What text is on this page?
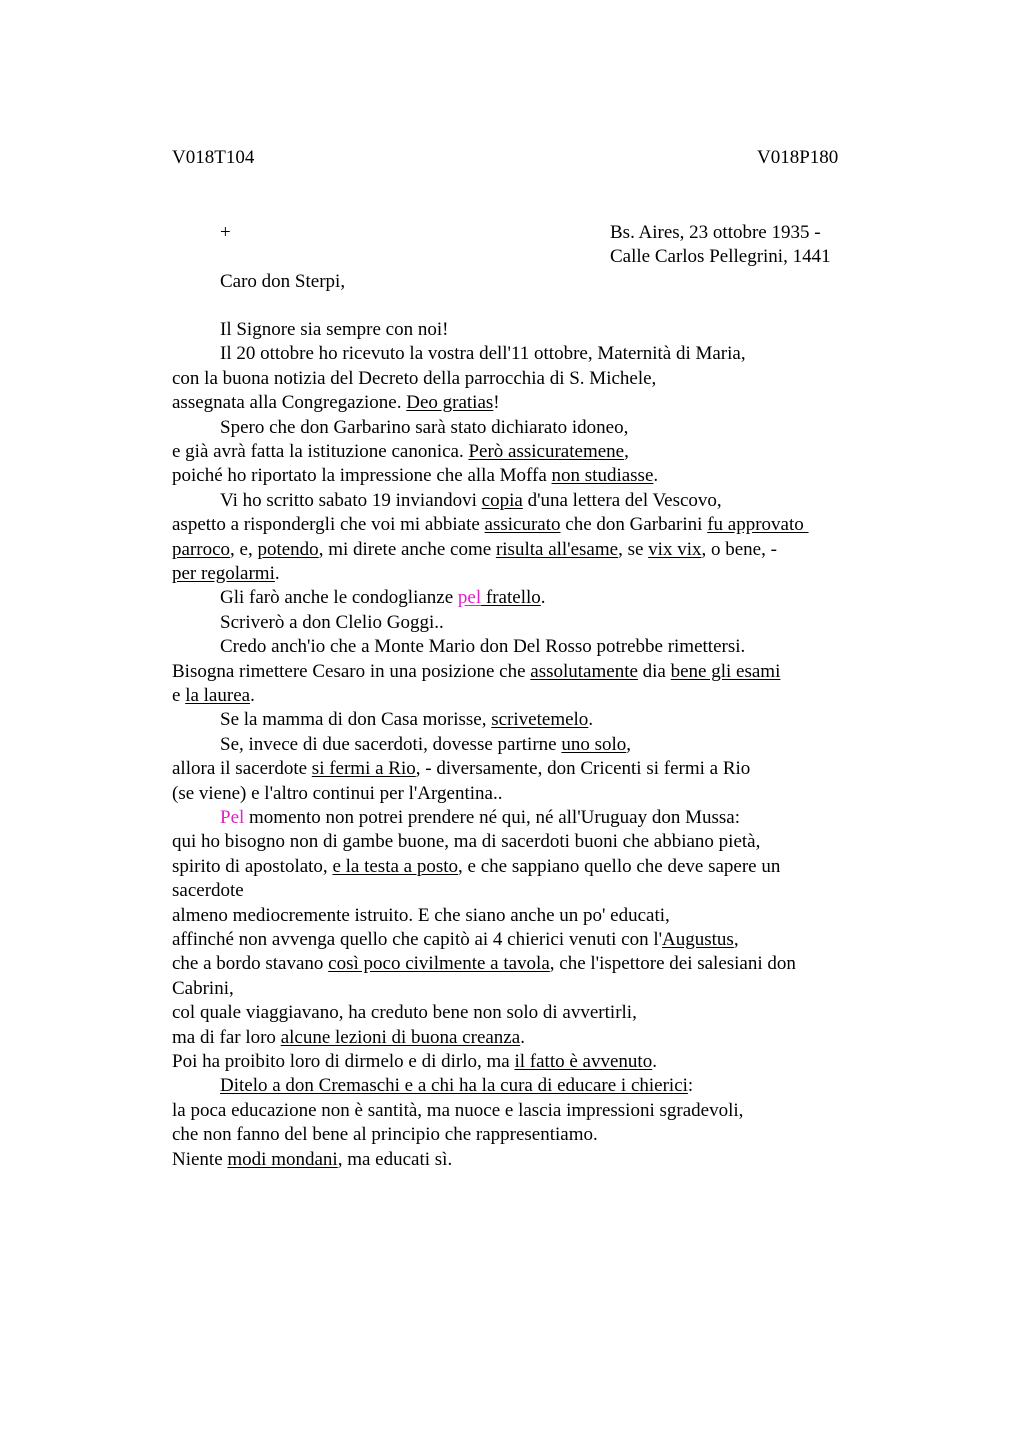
V018T104	V018P180
+	Bs. Aires, 23 ottobre 1935 -
Calle Carlos Pellegrini, 1441
Caro don Sterpi,
Il Signore sia sempre con noi!
Il 20 ottobre ho ricevuto la vostra dell'11 ottobre, Maternità di Maria,
con la buona notizia del Decreto della parrocchia di S. Michele,
assegnata alla Congregazione. Deo gratias!
Spero che don Garbarino sarà stato dichiarato idoneo,
e già avrà fatta la istituzione canonica. Però assicuratemene,
poiché ho riportato la impressione che alla Moffa non studiasse.
Vi ho scritto sabato 19 inviandovi copia d'una lettera del Vescovo,
aspetto a rispondergli che voi mi abbiate assicurato che don Garbarini fu approvato
parroco, e, potendo, mi direte anche come risulta all'esame, se vix vix, o bene, -
per regolarmi.
Gli farò anche le condoglianze pel fratello.
Scriverò a don Clelio Goggi..
Credo anch'io che a Monte Mario don Del Rosso potrebbe rimettersi.
Bisogna rimettere Cesaro in una posizione che assolutamente dia bene gli esami
e la laurea.
Se la mamma di don Casa morisse, scrivetemelo.
Se, invece di due sacerdoti, dovesse partirne uno solo,
allora il sacerdote si fermi a Rio, - diversamente, don Cricenti si fermi a Rio
(se viene) e l'altro continui per l'Argentina..
Pel momento non potrei prendere né qui, né all'Uruguay don Mussa:
qui ho bisogno non di gambe buone, ma di sacerdoti buoni che abbiano pietà,
spirito di apostolato, e la testa a posto, e che sappiano quello che deve sapere un
sacerdote
almeno mediocremente istruito. E che siano anche un po' educati,
affinché non avvenga quello che capitò ai 4 chierici venuti con l'Augustus,
che a bordo stavano così poco civilmente a tavola, che l'ispettore dei salesiani don
Cabrini,
col quale viaggiavano, ha creduto bene non solo di avvertirli,
ma di far loro alcune lezioni di buona creanza.
Poi ha proibito loro di dirmelo e di dirlo, ma il fatto è avvenuto.
Ditelo a don Cremaschi e a chi ha la cura di educare i chierici:
la poca educazione non è santità, ma nuoce e lascia impressioni sgradevoli,
che non fanno del bene al principio che rappresentiamo.
Niente modi mondani, ma educati sì.
